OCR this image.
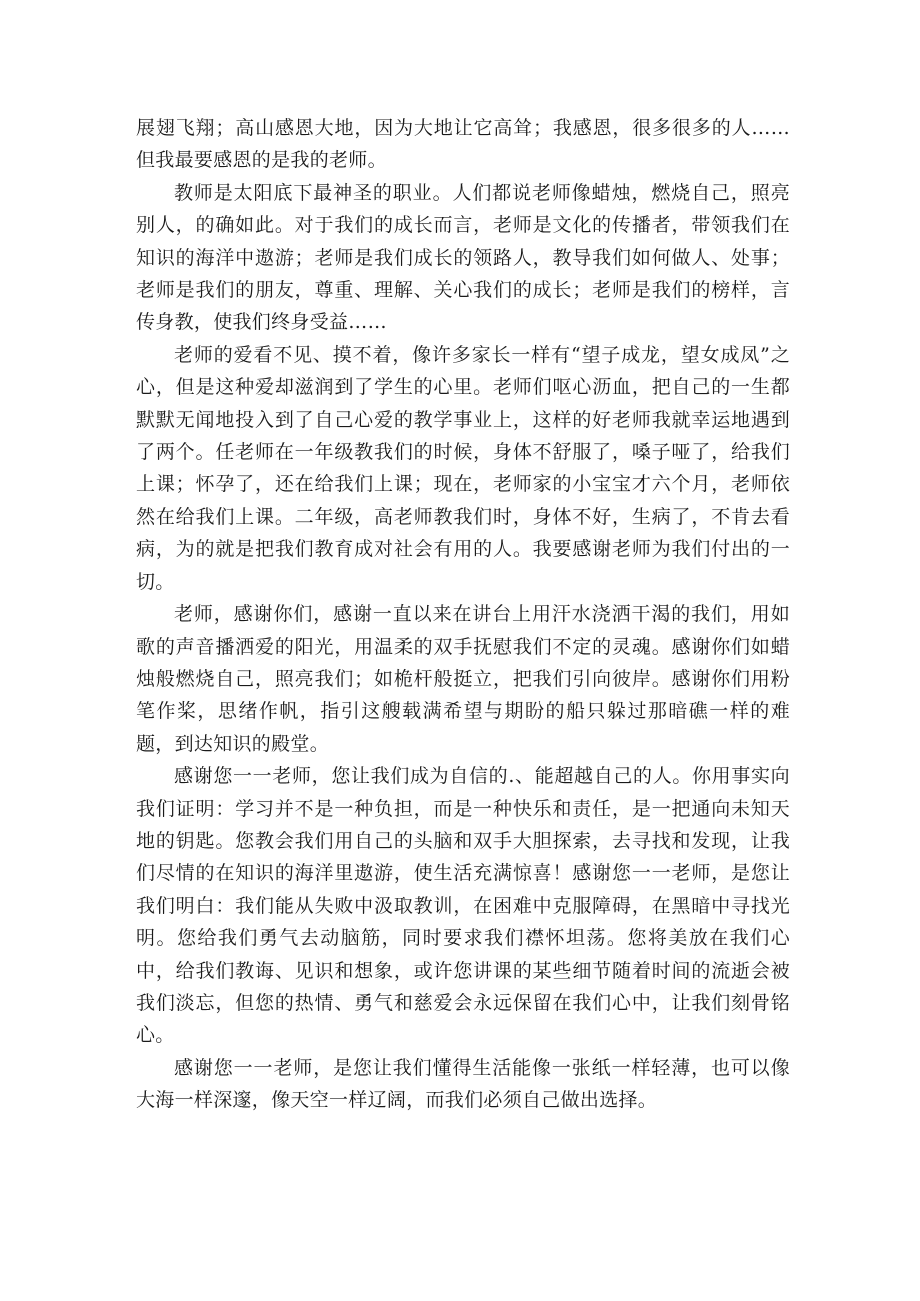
展翅飞翔；高山感恩大地，因为大地让它高耸；我感恩，很多很多的人……但我最要感恩的是我的老师。

教师是太阳底下最神圣的职业。人们都说老师像蜡烛，燃烧自己，照亮别人，的确如此。对于我们的成长而言，老师是文化的传播者，带领我们在知识的海洋中遨游；老师是我们成长的领路人，教导我们如何做人、处事；老师是我们的朋友，尊重、理解、关心我们的成长；老师是我们的榜样，言传身教，使我们终身受益……

老师的爱看不见、摸不着，像许多家长一样有“望子成龙，望女成凤”之心，但是这种爱却滋润到了学生的心里。老师们呕心沥血，把自己的一生都默默无闻地投入到了自己心爱的教学事业上，这样的好老师我就幸运地遇到了两个。任老师在一年级教我们的时候，身体不舒服了，嗓子哑了，给我们上课；怀孕了，还在给我们上课；现在，老师家的小宝宝才六个月，老师依然在给我们上课。二年级，高老师教我们时，身体不好，生病了，不肯去看病，为的就是把我们教育成对社会有用的人。我要感谢老师为我们付出的一切。

老师，感谢你们，感谢一直以来在讲台上用汗水浇洒干渴的我们，用如歌的声音播洒爱的阳光，用温柔的双手抚慰我们不定的灵魂。感谢你们如蜡烛般燃烧自己，照亮我们；如桅杆般挺立，把我们引向彼岸。感谢你们用粉笔作桨，思绪作帆，指引这艘载满希望与期盼的船只躲过那暗礁一样的难题，到达知识的殿堂。

感谢您一一老师，您让我们成为自信的.、能超越自己的人。你用事实向我们证明：学习并不是一种负担，而是一种快乐和责任，是一把通向未知天地的钥匙。您教会我们用自己的头脑和双手大胆探索，去寻找和发现，让我们尽情的在知识的海洋里遨游，使生活充满惊喜！感谢您一一老师，是您让我们明白：我们能从失败中汲取教训，在困难中克服障碍，在黑暗中寻找光明。您给我们勇气去动脑筋，同时要求我们襟怀坦荡。您将美放在我们心中，给我们教诲、见识和想象，或许您讲课的某些细节随着时间的流逝会被我们淡忘，但您的热情、勇气和慈爱会永远保留在我们心中，让我们刻骨铭心。

感谢您一一老师，是您让我们懂得生活能像一张纸一样轻薄，也可以像大海一样深邃，像天空一样辽阔，而我们必须自己做出选择。
